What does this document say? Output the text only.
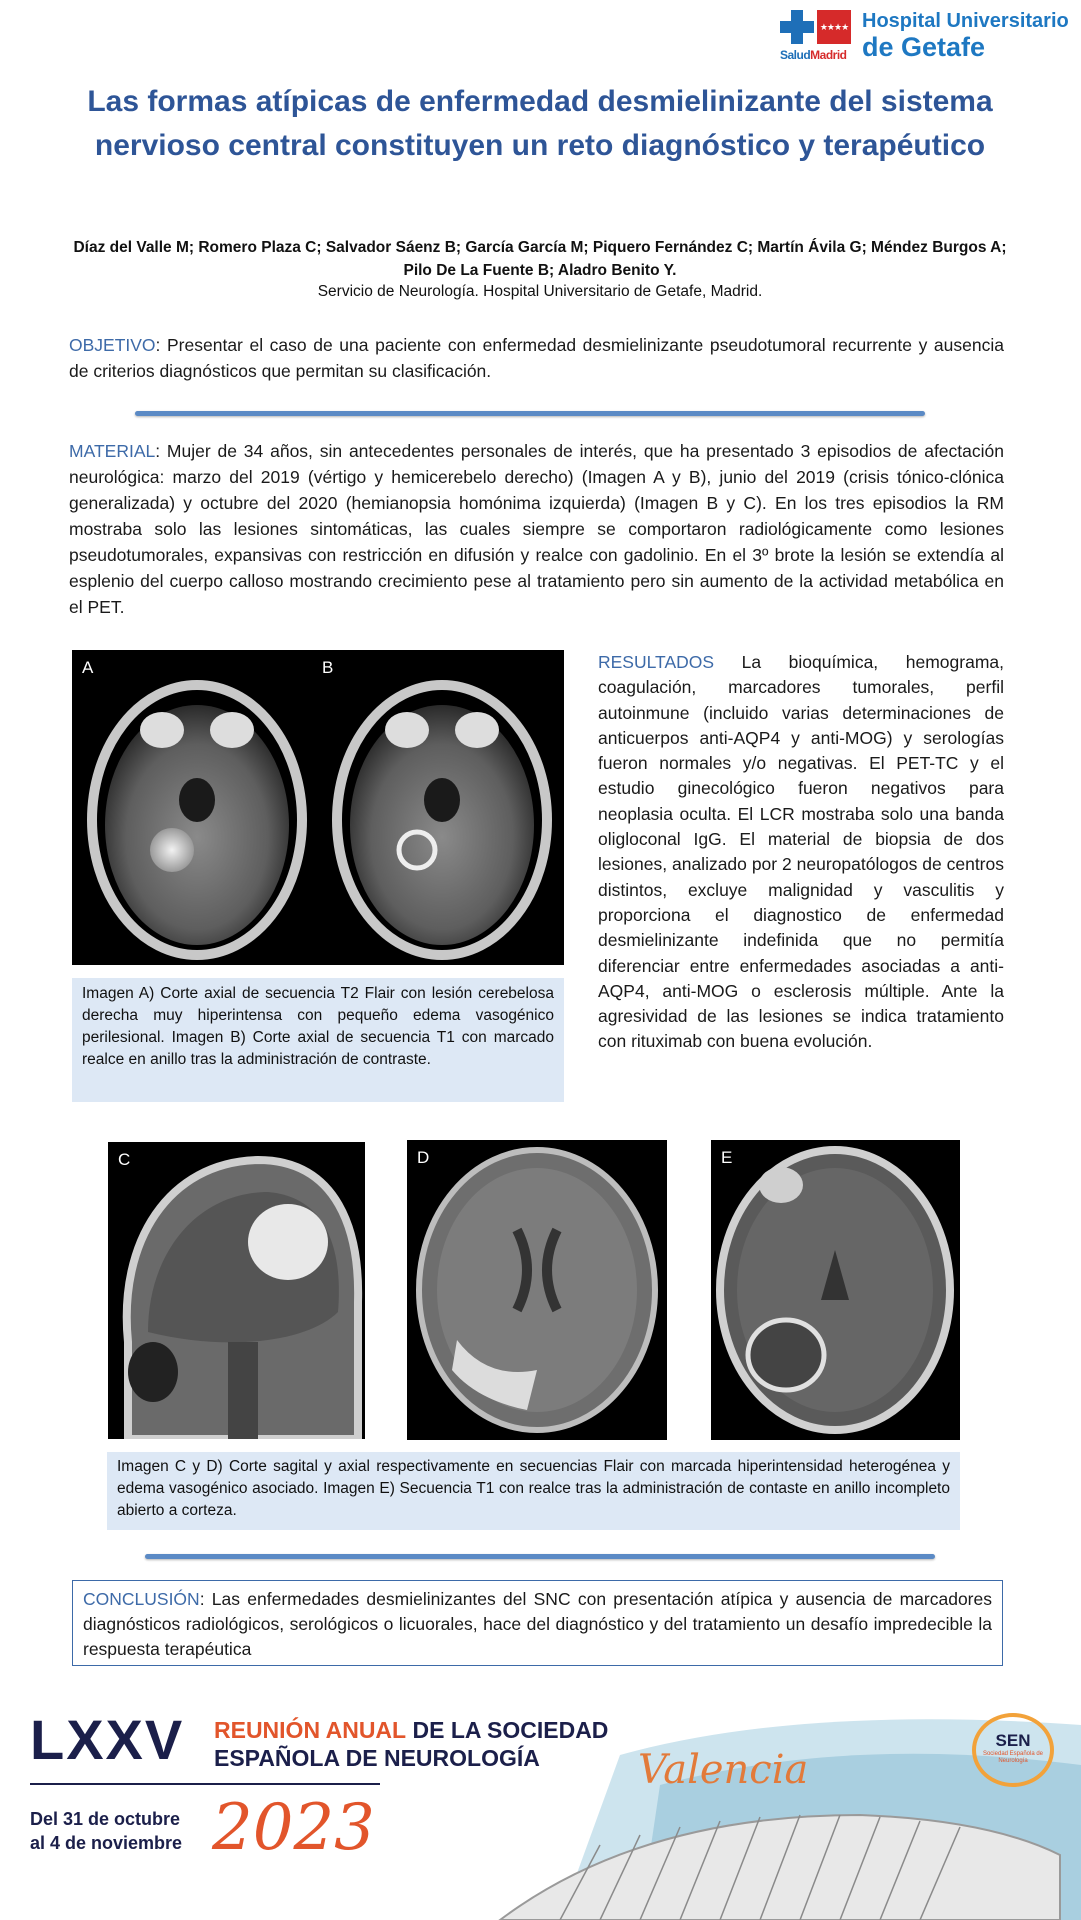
★★★★
SaludMadrid
Hospital Universitario
de Getafe
Las formas atípicas de enfermedad desmielinizante del sistema nervioso central constituyen un reto diagnóstico y terapéutico
Díaz del Valle M; Romero Plaza C; Salvador Sáenz B; García García M; Piquero Fernández C; Martín Ávila G; Méndez Burgos A;
Pilo De La Fuente B; Aladro Benito Y.
Servicio de Neurología. Hospital Universitario de Getafe, Madrid.
OBJETIVO: Presentar el caso de una paciente con enfermedad desmielinizante pseudotumoral recurrente y ausencia de criterios diagnósticos que permitan su clasificación.
MATERIAL: Mujer de 34 años, sin antecedentes personales de interés, que ha presentado 3 episodios de afectación neurológica: marzo del 2019 (vértigo y hemicerebelo derecho) (Imagen A y B), junio del 2019 (crisis tónico-clónica generalizada) y octubre del 2020 (hemianopsia homónima izquierda) (Imagen B y C). En los tres episodios la RM mostraba solo las lesiones sintomáticas, las cuales siempre se comportaron radiológicamente como lesiones pseudotumorales, expansivas con restricción en difusión y realce con gadolinio. En el 3º brote la lesión se extendía al esplenio del cuerpo calloso mostrando crecimiento pese al tratamiento pero sin aumento de la actividad metabólica en el PET.
A	B
Imagen A) Corte axial de secuencia T2 Flair con lesión cerebelosa derecha muy hiperintensa con pequeño edema vasogénico perilesional. Imagen B) Corte axial de secuencia T1 con marcado realce en anillo tras la administración de contraste.
RESULTADOS La bioquímica, hemograma, coagulación, marcadores tumorales, perfil autoinmune (incluido varias determinaciones de anticuerpos anti-AQP4 y anti-MOG) y serologías fueron normales y/o negativas. El PET-TC y el estudio ginecológico fueron negativos para neoplasia oculta. El LCR mostraba solo una banda oligloconal IgG. El material de biopsia de dos lesiones, analizado por 2 neuropatólogos de centros distintos, excluye malignidad y vasculitis y proporciona el diagnostico de enfermedad desmielinizante indefinida que no permitía diferenciar entre enfermedades asociadas a anti-AQP4, anti-MOG o esclerosis múltiple. Ante la agresividad de las lesiones se indica tratamiento con rituximab con buena evolución.
C	D	E
Imagen C y D) Corte sagital y axial respectivamente en secuencias Flair con marcada hiperintensidad heterogénea y edema vasogénico asociado. Imagen E) Secuencia T1 con realce tras la administración de contaste en anillo incompleto abierto a corteza.
CONCLUSIÓN: Las enfermedades desmielinizantes del SNC con presentación atípica y ausencia de marcadores diagnósticos radiológicos, serológicos o licuorales, hace del diagnóstico y del tratamiento un desafío impredecible la respuesta terapéutica
LXXV REUNIÓN ANUAL DE LA SOCIEDAD
ESPAÑOLA DE NEUROLOGÍA
Del 31 de octubre
al 4 de noviembre 2023
Valencia
SEN
Sociedad Española de Neurología
